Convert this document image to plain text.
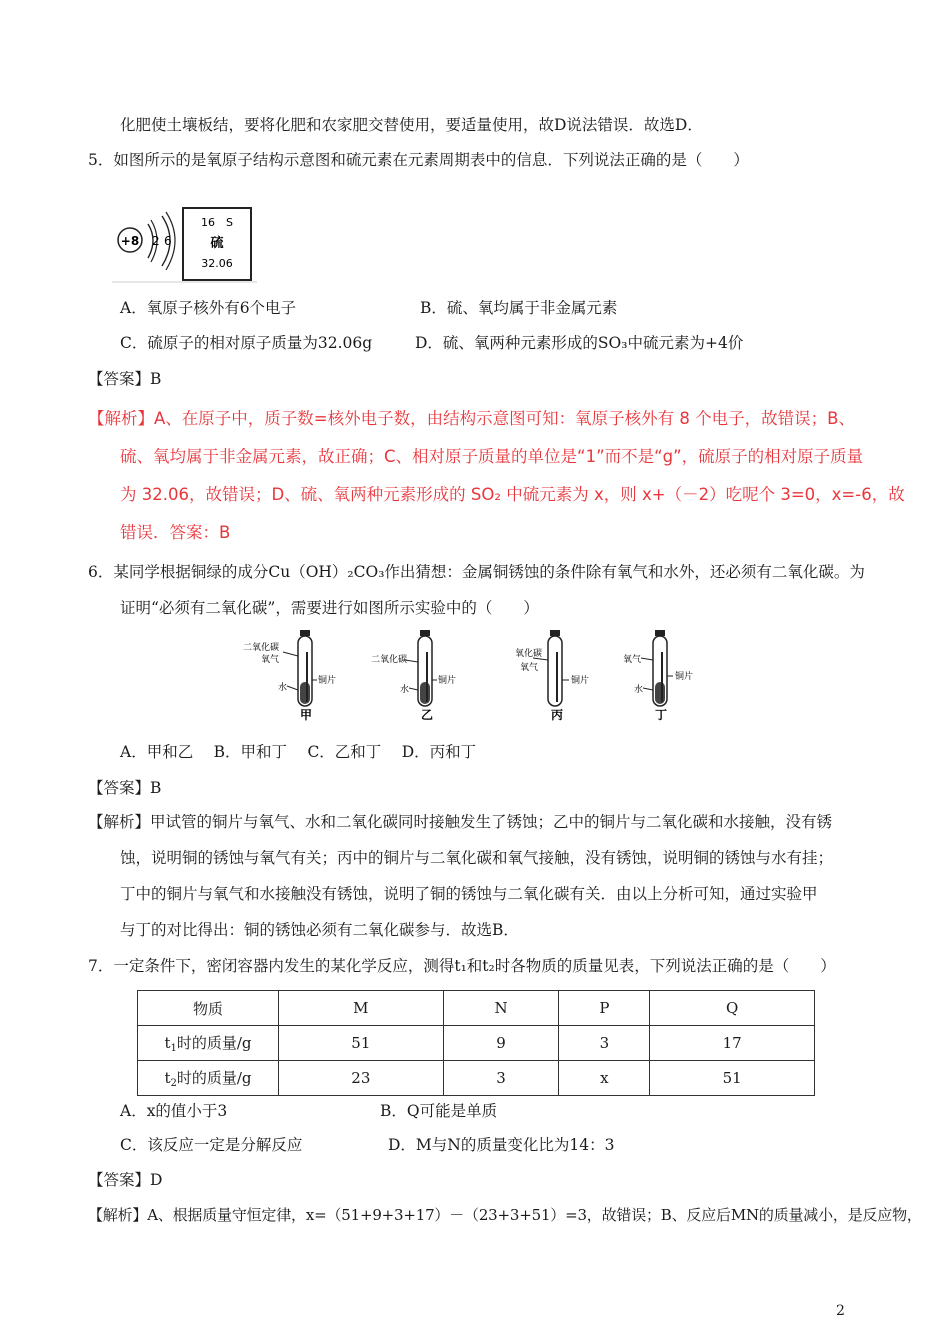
化肥使土壤板结，要将化肥和农家肥交替使用，要适量使用，故D说法错误．故选D．
5．如图所示的是氧原子结构示意图和硫元素在元素周期表中的信息．下列说法正确的是（　　）
+8 2 6
16　S
硫
32.06
A．氧原子核外有6个电子	B．硫、氧均属于非金属元素
C．硫原子的相对原子质量为32.06g	D．硫、氧两种元素形成的SO₃中硫元素为+4价
【答案】B
【解析】A、在原子中，质子数=核外电子数，由结构示意图可知：氧原子核外有 8 个电子，故错误；B、
硫、氧均属于非金属元素，故正确；C、相对原子质量的单位是“1”而不是“g”，硫原子的相对原子质量
为 32.06，故错误；D、硫、氧两种元素形成的 SO₂ 中硫元素为 x，则 x+（－2）吃呢个 3=0，x=-6，故
错误．答案：B
6．某同学根据铜绿的成分Cu（OH）₂CO₃作出猜想：金属铜锈蚀的条件除有氧气和水外，还必须有二氧化碳。为
证明“必须有二氧化碳”，需要进行如图所示实验中的（　　）
二氧化碳
氧气
水
铜片
甲
二氧化碳
水
铜片
乙
氧化碳
氧气
铜片
丙
氧气
水
铜片
丁
A．甲和乙　 B．甲和丁　 C．乙和丁　 D．丙和丁
【答案】B
【解析】甲试管的铜片与氧气、水和二氧化碳同时接触发生了锈蚀；乙中的铜片与二氧化碳和水接触，没有锈
蚀，说明铜的锈蚀与氧气有关；丙中的铜片与二氧化碳和氧气接触，没有锈蚀，说明铜的锈蚀与水有挂；
丁中的铜片与氧气和水接触没有锈蚀，说明了铜的锈蚀与二氧化碳有关．由以上分析可知，通过实验甲
与丁的对比得出：铜的锈蚀必须有二氧化碳参与．故选B．
7．一定条件下，密闭容器内发生的某化学反应，测得t₁和t₂时各物质的质量见表，下列说法正确的是（　　）
物质	M	N	P	Q
$t_1$时的质量/g	51	9	3	17
$t_2$时的质量/g	23	3	x	51
A．x的值小于3	B．Q可能是单质
C．该反应一定是分解反应	D．M与N的质量变化比为14：3
【答案】D
【解析】A、根据质量守恒定律，x=（51+9+3+17）－（23+3+51）=3，故错误；B、反应后MN的质量减小，是反应物，
2
